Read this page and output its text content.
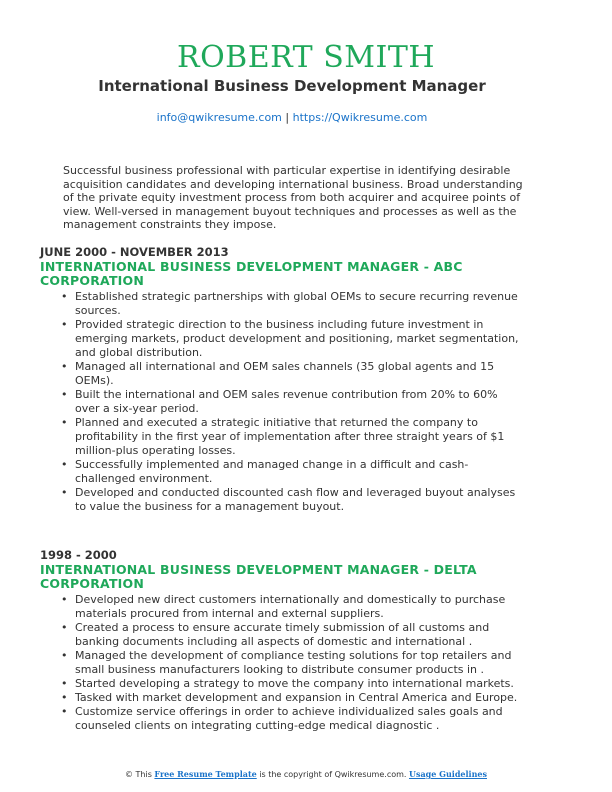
ROBERT SMITH
International Business Development Manager
info@qwikresume.com | https://Qwikresume.com
Successful business professional with particular expertise in identifying desirable acquisition candidates and developing international business. Broad understanding of the private equity investment process from both acquirer and acquiree points of view. Well-versed in management buyout techniques and processes as well as the management constraints they impose.
JUNE 2000 - NOVEMBER 2013
INTERNATIONAL BUSINESS DEVELOPMENT MANAGER - ABC CORPORATION
• Established strategic partnerships with global OEMs to secure recurring revenue sources.
• Provided strategic direction to the business including future investment in emerging markets, product development and positioning, market segmentation, and global distribution.
• Managed all international and OEM sales channels (35 global agents and 15 OEMs).
• Built the international and OEM sales revenue contribution from 20% to 60% over a six-year period.
• Planned and executed a strategic initiative that returned the company to profitability in the first year of implementation after three straight years of $1 million-plus operating losses.
• Successfully implemented and managed change in a difficult and cash-challenged environment.
• Developed and conducted discounted cash flow and leveraged buyout analyses to value the business for a management buyout.
1998 - 2000
INTERNATIONAL BUSINESS DEVELOPMENT MANAGER - DELTA CORPORATION
• Developed new direct customers internationally and domestically to purchase materials procured from internal and external suppliers.
• Created a process to ensure accurate timely submission of all customs and banking documents including all aspects of domestic and international .
• Managed the development of compliance testing solutions for top retailers and small business manufacturers looking to distribute consumer products in .
• Started developing a strategy to move the company into international markets.
• Tasked with market development and expansion in Central America and Europe.
• Customize service offerings in order to achieve individualized sales goals and counseled clients on integrating cutting-edge medical diagnostic .
© This Free Resume Template is the copyright of Qwikresume.com. Usage Guidelines
